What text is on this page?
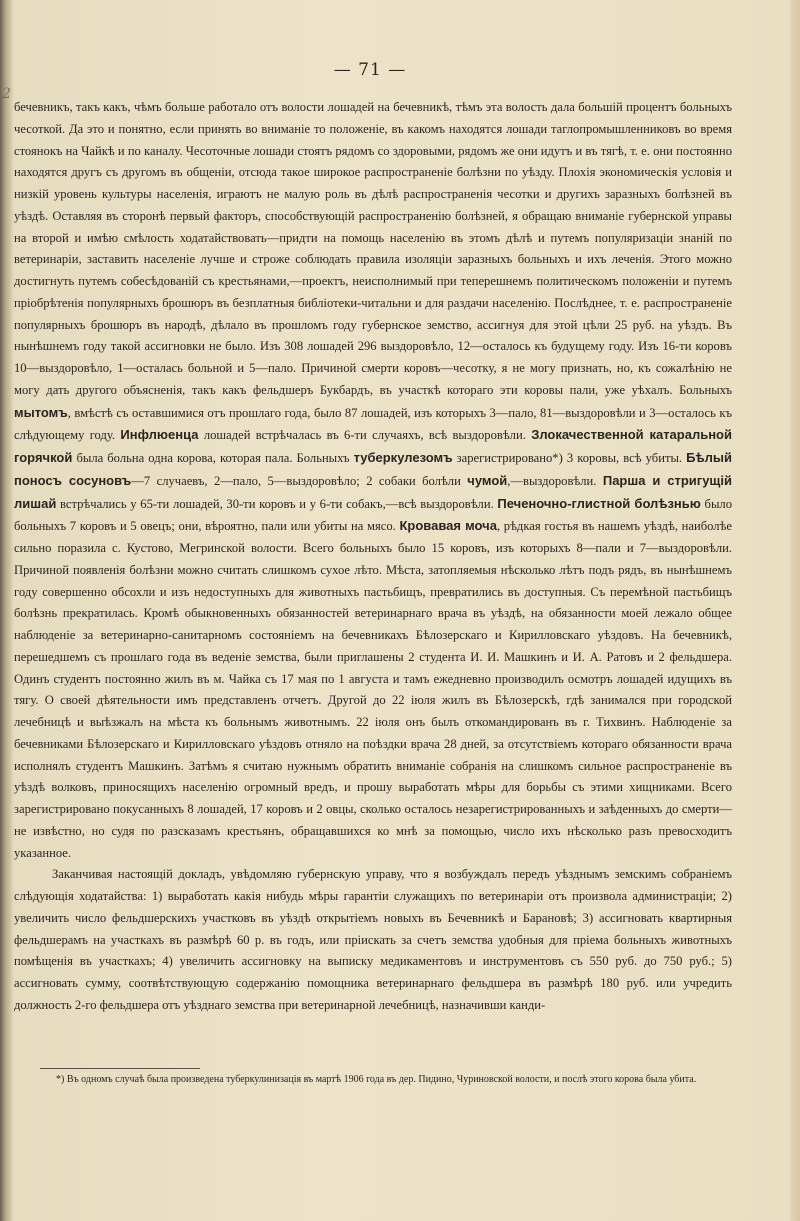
2
— 71 —

бечевникъ, такъ какъ, чѣмъ больше работало отъ волости лошадей на бечевникѣ, тѣмъ эта волость дала большій процентъ больныхъ чесоткой. Да это и понятно, если принять во вниманіе то положеніе, въ какомъ находятся лошади таглопромышленниковъ во время стоянокъ на Чайкѣ и по каналу. Чесоточные лошади стоятъ рядомъ со здоровыми, рядомъ же они идутъ и въ тягѣ, т. е. они постоянно находятся другъ съ другомъ въ общеніи, отсюда такое широкое распространеніе болѣзни по уѣзду. Плохія экономическія условія и низкій уровень культуры населенія, играютъ не малую роль въ дѣлѣ распространенія чесотки и другихъ заразныхъ болѣзней въ уѣздѣ. Оставляя въ сторонѣ первый факторъ, способствующій распространенію болѣзней, я обращаю вниманіе губернской управы на второй и имѣю смѣлость ходатайствовать—придти на помощь населенію въ этомъ дѣлѣ и путемъ популяризаціи знаній по ветеринаріи, заставить населеніе лучше и строже соблюдать правила изоляціи заразныхъ больныхъ и ихъ леченія. Этого можно достигнуть путемъ собесѣдованій съ крестьянами,—проектъ, неисполнимый при теперешнемъ политическомъ положеніи и путемъ пріобрѣтенія популярныхъ брошюръ въ безплатныя библіотеки-читальни и для раздачи населенію. Послѣднее, т. е. распространеніе популярныхъ брошюръ въ народѣ, дѣлало въ прошломъ году губернское земство, ассигнуя для этой цѣли 25 руб. на уѣздъ. Въ нынѣшнемъ году такой ассигновки не было. Изъ 308 лошадей 296 выздоровѣло, 12—осталось къ будущему году. Изъ 16-ти коровъ 10—выздоровѣло, 1—осталась больной и 5—пало. Причиной смерти коровъ—чесотку, я не могу признать, но, къ сожалѣнію не могу дать другого объясненія, такъ какъ фельдшеръ Букбардъ, въ участкѣ котораго эти коровы пали, уже уѣхалъ. Больныхъ мытомъ, вмѣстѣ съ оставшимися отъ прошлаго года, было 87 лошадей, изъ которыхъ 3—пало, 81—выздоровѣли и 3—осталось къ слѣдующему году. Инфлюенца лошадей встрѣчалась въ 6-ти случаяхъ, всѣ выздоровѣли. Злокачественной катаральной горячкой была больна одна корова, которая пала. Больныхъ туберкулезомъ зарегистрировано*) 3 коровы, всѣ убиты. Бѣлый поносъ сосуновъ—7 случаевъ, 2—пало, 5—выздоровѣло; 2 собаки болѣли чумой,—выздоровѣли. Парша и стригущій лишай встрѣчались у 65-ти лошадей, 30-ти коровъ и у 6-ти собакъ,—всѣ выздоровѣли. Печеночно-глистной болѣзнью было больныхъ 7 коровъ и 5 овецъ; они, вѣроятно, пали или убиты на мясо. Кровавая моча, рѣдкая гостья въ нашемъ уѣздѣ, наиболѣе сильно поразила с. Кустово, Мегринской волости. Всего больныхъ было 15 коровъ, изъ которыхъ 8—пали и 7—выздоровѣли. Причиной появленія болѣзни можно считать слишкомъ сухое лѣто. Мѣста, затопляемыя нѣсколько лѣтъ подъ рядъ, въ нынѣшнемъ году совершенно обсохли и изъ недоступныхъ для животныхъ пастьбищъ, превратились въ доступныя. Съ перемѣной пастьбищъ болѣзнь прекратилась. Кромѣ обыкновенныхъ обязанностей ветеринарнаго врача въ уѣздѣ, на обязанности моей лежало общее наблюденіе за ветеринарно-санитарномъ состояніемъ на бечевникахъ Бѣлозерскаго и Кирилловскаго уѣздовъ. На бечевникѣ, перешедшемъ съ прошлаго года въ веденіе земства, были приглашены 2 студента И. И. Машкинъ и И. А. Ратовъ и 2 фельдшера. Одинъ студентъ постоянно жилъ въ м. Чайка съ 17 мая по 1 августа и тамъ ежедневно производилъ осмотръ лошадей идущихъ въ тягу. О своей дѣятельности имъ представленъ отчетъ. Другой до 22 іюля жилъ въ Бѣлозерскѣ, гдѣ занимался при городской лечебницѣ и выѣзжалъ на мѣста къ больнымъ животнымъ. 22 іюля онъ былъ откомандированъ въ г. Тихвинъ. Наблюденіе за бечевниками Бѣлозерскаго и Кирилловскаго уѣздовъ отняло на поѣздки врача 28 дней, за отсутствіемъ котораго обязанности врача исполнялъ студентъ Машкинъ. Затѣмъ я считаю нужнымъ обратить вниманіе собранія на слишкомъ сильное распространеніе въ уѣздѣ волковъ, приносящихъ населенію огромный вредъ, и прошу выработать мѣры для борьбы съ этими хищниками. Всего зарегистрировано покусанныхъ 8 лошадей, 17 коровъ и 2 овцы, сколько осталось незарегистрированныхъ и заѣденныхъ до смерти—не извѣстно, но судя по разсказамъ крестьянъ, обращавшихся ко мнѣ за помощью, число ихъ нѣсколько разъ превосходитъ указанное.

Заканчивая настоящій докладъ, увѣдомляю губернскую управу, что я возбуждалъ передъ уѣзднымъ земскимъ собраніемъ слѣдующія ходатайства: 1) выработать какія нибудь мѣры гарантіи служащихъ по ветеринаріи отъ произвола администраціи; 2) увеличить число фельдшерскихъ участковъ въ уѣздѣ открытіемъ новыхъ въ Бечевникѣ и Барановѣ; 3) ассигновать квартирныя фельдшерамъ на участкахъ въ размѣрѣ 60 р. въ годъ, или пріискать за счетъ земства удобныя для пріема больныхъ животныхъ помѣщенія въ участкахъ; 4) увеличить ассигновку на выписку медикаментовъ и инструментовъ съ 550 руб. до 750 руб.; 5) ассигновать сумму, соотвѣтствующую содержанію помощника ветеринарнаго фельдшера въ размѣрѣ 180 руб. или учредить должность 2-го фельдшера отъ уѣзднаго земства при ветеринарной лечебницѣ, назначивши канди-

*) Въ одномъ случаѣ была произведена туберкулинизація въ мартѣ 1906 года въ дер. Пидино, Чуриновской волости, и послѣ этого корова была убита.
